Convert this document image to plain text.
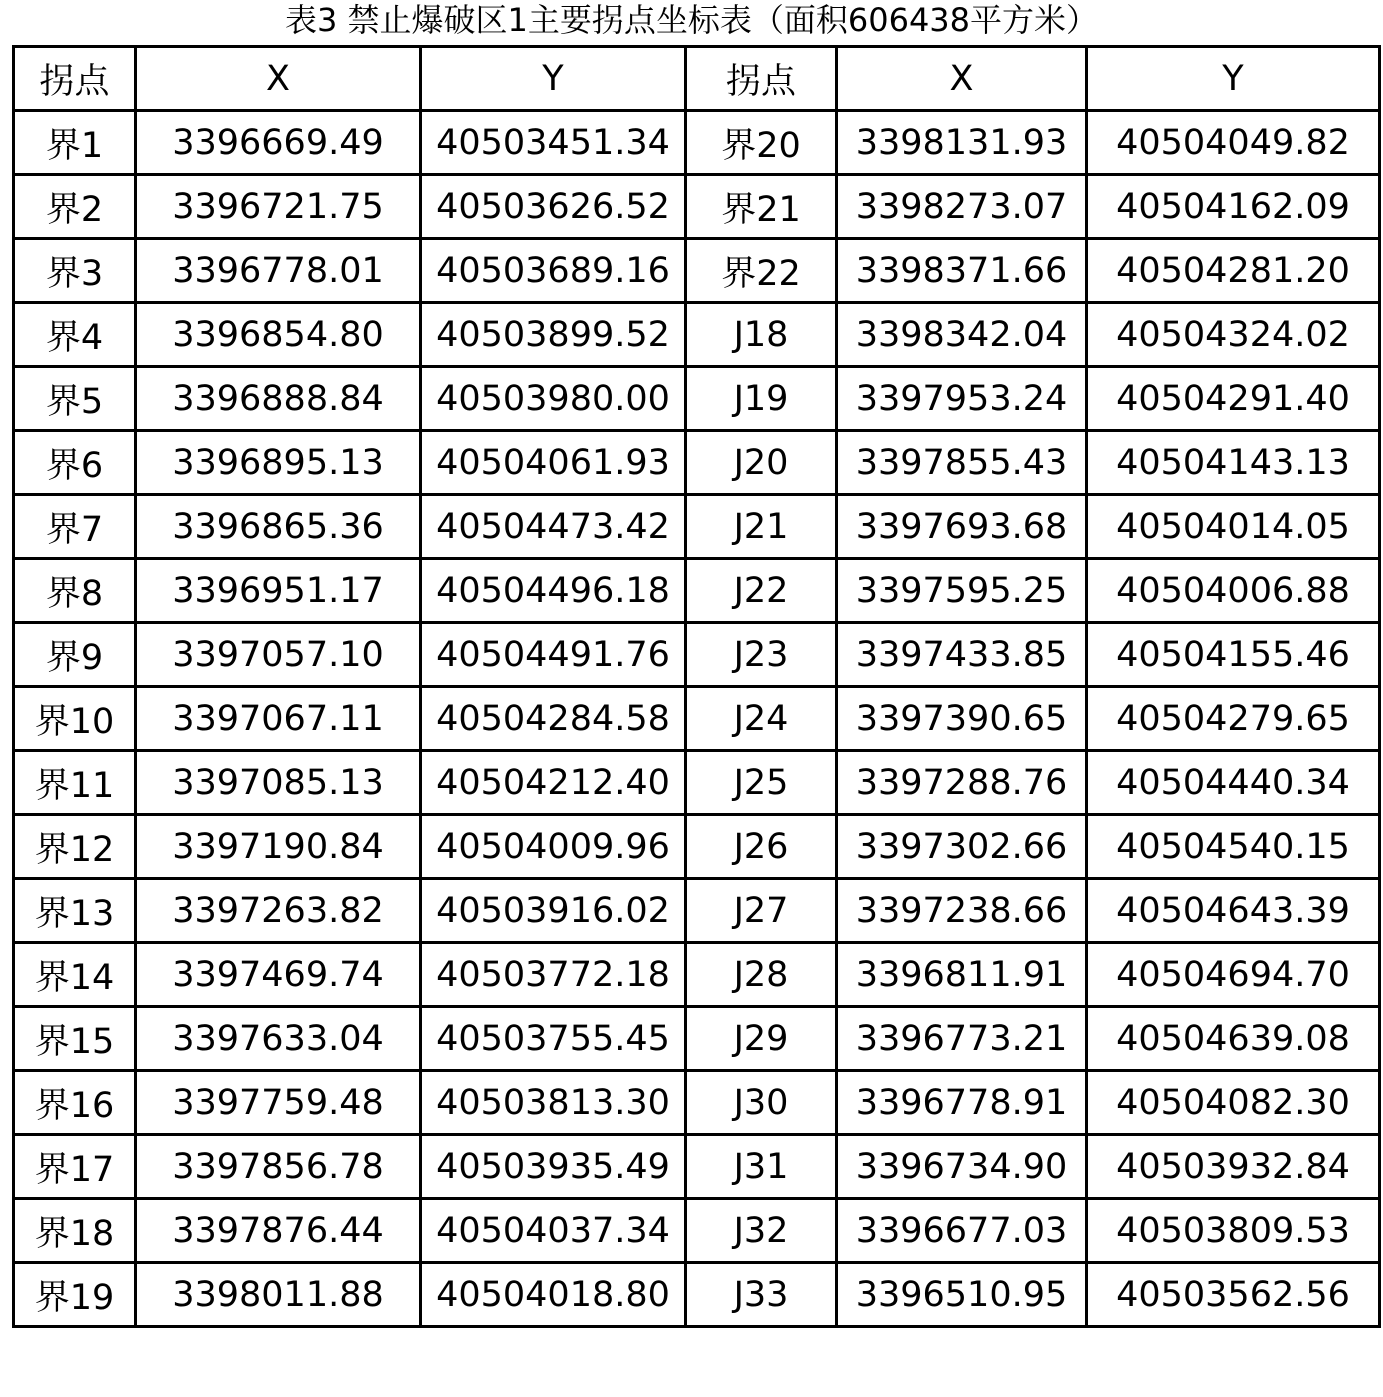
表3 禁止爆破区1主要拐点坐标表（面积606438平方米）
拐点	X	Y	拐点	X	Y
界1	3396669.49	40503451.34	界20	3398131.93	40504049.82
界2	3396721.75	40503626.52	界21	3398273.07	40504162.09
界3	3396778.01	40503689.16	界22	3398371.66	40504281.20
界4	3396854.80	40503899.52	J18	3398342.04	40504324.02
界5	3396888.84	40503980.00	J19	3397953.24	40504291.40
界6	3396895.13	40504061.93	J20	3397855.43	40504143.13
界7	3396865.36	40504473.42	J21	3397693.68	40504014.05
界8	3396951.17	40504496.18	J22	3397595.25	40504006.88
界9	3397057.10	40504491.76	J23	3397433.85	40504155.46
界10	3397067.11	40504284.58	J24	3397390.65	40504279.65
界11	3397085.13	40504212.40	J25	3397288.76	40504440.34
界12	3397190.84	40504009.96	J26	3397302.66	40504540.15
界13	3397263.82	40503916.02	J27	3397238.66	40504643.39
界14	3397469.74	40503772.18	J28	3396811.91	40504694.70
界15	3397633.04	40503755.45	J29	3396773.21	40504639.08
界16	3397759.48	40503813.30	J30	3396778.91	40504082.30
界17	3397856.78	40503935.49	J31	3396734.90	40503932.84
界18	3397876.44	40504037.34	J32	3396677.03	40503809.53
界19	3398011.88	40504018.80	J33	3396510.95	40503562.56
